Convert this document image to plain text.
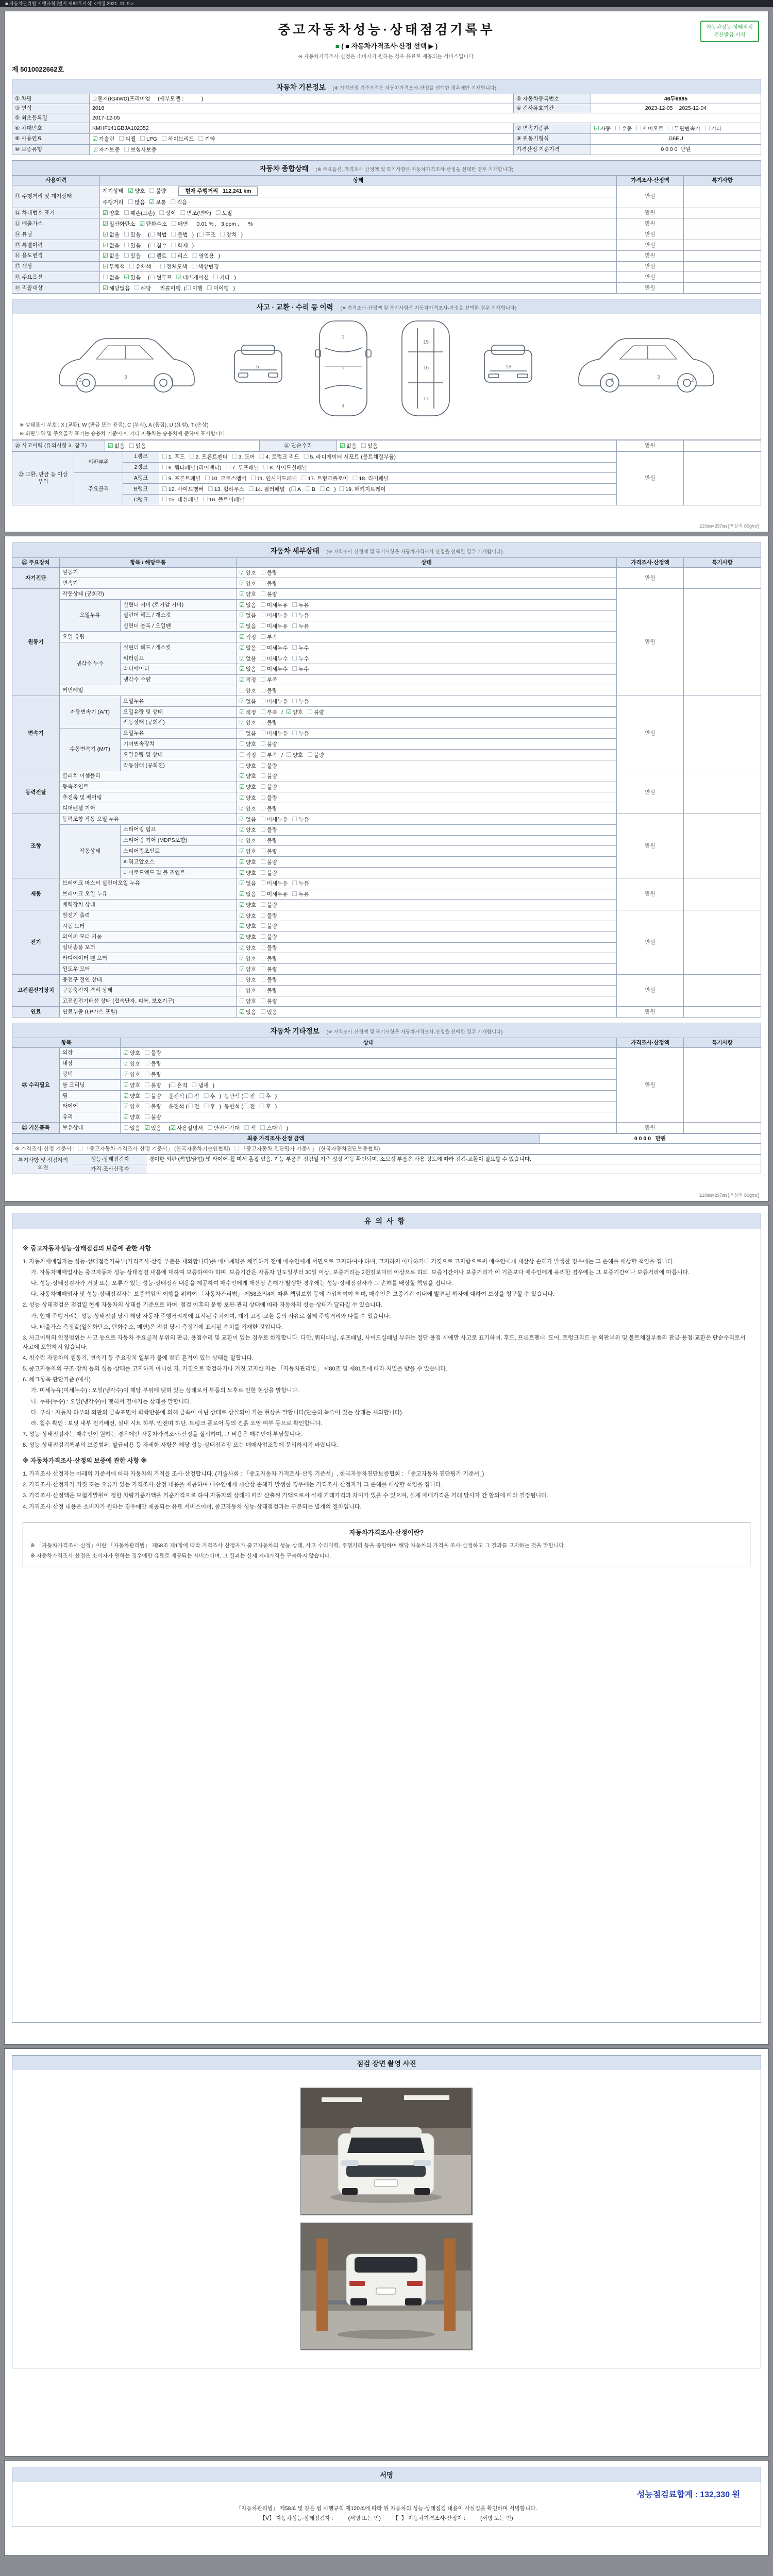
■ 자동차관리법 시행규칙 [별지 제82호서식] <개정 2021. 11. 9.>
중고자동차성능·상태점검기록부
■ ( ■ 자동차가격조사·산정 선택 ▶ )
※ 자동차가격조사·산정은 소비자가 원하는 경우 유료로 제공되는 서비스입니다.
제 5010022662호
자동차성능·상태점검
전산발급 서식
자동차 기본정보 (※ 가격산정 기준가격은 자동차가격조사·산정을 선택한 경우에만 기재합니다)
① 차명	그랜저(IG4WD)프리미엄     (세부모델 :            )	② 자동차등록번호	46두6985
③ 연식	2018	④ 검사유효기간	2023-12-05 ~ 2025-12-04
⑤ 최초등록일	2017-12-05		
⑥ 차대번호	KMHF141GBJA102352	⑦ 변속기종류	☑ 자동 ☐ 수동 ☐ 세미오토 ☐ 무단변속기 ☐ 기타
⑧ 사용연료	☑ 가솔린 ☐ 디젤 ☐ LPG ☐ 하이브리드 ☐ 기타	⑨ 원동기형식	G6EU
⑩ 보증유형	☑ 자가보증 ☐ 보험사보증	가격산정 기준가격	0 0 0 0  만원
자동차 종합상태 (※ 주요옵션, 가격조사·산정액 및 특기사항은 자동차가격조사·산정을 선택한 경우 기재합니다)
사용이력	상태	가격조사·산정액	특기사항
⑪ 주행거리 및 계기상태	계기상태   ☑ 양호 ☐ 불량 현재 주행거리   112,241 km	만원	
	주행거리   ☐ 많음 ☑ 보통 ☐ 적음		
⑫ 차대번호 표기	☑ 양호 ☐ 훼손(오손) ☐ 상이 ☐ 변조(변타) ☐ 도말	만원	
⑬ 배출가스	☑ 일산화탄소 ☑ 탄화수소 ☐ 매연   0.01 % ,   3 ppm ,      %	만원	
⑭ 튜닝	☑ 없음 ☐ 있음  (☐ 적법 ☐ 불법 )  (☐ 구조 ☐ 장치 )	만원	
⑮ 특별이력	☑ 없음 ☐ 있음  (☐ 침수 ☐ 화재 )	만원	
⑯ 용도변경	☑ 없음 ☐ 있음  (☐ 렌트 ☐ 리스 ☐ 영업용 )	만원	
⑰ 색상	☑ 무채색 ☐ 유채색 ☐ 전체도색 ☐ 색상변경	만원	
⑱ 주요옵션	☐ 없음 ☑ 있음  (☐ 썬루프 ☑ 네비게이션 ☐ 기타 )	만원	
⑲ 리콜대상	☑ 해당없음 ☐ 해당   리콜이행  (☐ 이행 ☐ 미이행 )	만원	
사고 · 교환 · 수리 등 이력 (※ 가격조사·산정액 및 특기사항은 자동차가격조사·산정을 선택한 경우 기재합니다)
2
3
6
5
1
7
4
15
16
17
18
6
3
2
※ 상태표시 부호 : X (교환), W (판금 또는 용접), C (부식), A (흠집), U (요철), T (손상)
※ 외판부위 및 주요골격 표기는 승용차 기준이며, 기타 자동차는 승용차에 준하여 표시합니다.
⑳ 사고이력 (유의사항 3. 참고)	☑ 없음 ☐ 있음	㉑ 단순수리	☑ 없음 ☐ 있음	만원	
㉒ 교환, 판금 등 이상 부위	외판부위	1랭크	☐ 1. 후드 ☐ 2. 프론트펜더 ☐ 3. 도어 ☐ 4. 트렁크 리드 ☐ 5. 라디에이터 서포트 (볼트체결부품)	만원	
		2랭크	☐ 6. 쿼터패널 (리어펜더) ☐ 7. 루프패널 ☐ 8. 사이드실패널		
	주요골격	A랭크	☐ 9. 프론트패널 ☐ 10. 크로스멤버 ☐ 11. 인사이드패널 ☐ 17. 트렁크플로어 ☐ 18. 리어패널		
		B랭크	☐ 12. 사이드멤버 ☐ 13. 휠하우스 ☐ 14. 필러패널 (☐ A ☐ B ☐ C )  ☐ 19. 패키지트레이		
		C랭크	☐ 15. 대쉬패널 ☐ 16. 플로어패널		
210㎜×297㎜ [백상지 80g/㎡]
자동차 세부상태 (※ 가격조사·산정액 및 특기사항은 자동차가격조사·산정을 선택한 경우 기재합니다)
㉓ 주요장치	항목 / 해당부품		상태	가격조사·산정액	특기사항
자기진단	원동기		☑ 양호 ☐ 불량	만원	
	변속기		☑ 양호 ☐ 불량		
원동기	작동상태 (공회전)		☑ 양호 ☐ 불량	만원	
	오일누유	실린더 커버 (로커암 커버)	☑ 없음 ☐ 미세누유 ☐ 누유		
		실린더 헤드 / 개스킷	☑ 없음 ☐ 미세누유 ☐ 누유		
		실린더 블록 / 오일팬	☑ 없음 ☐ 미세누유 ☐ 누유		
	오일 유량		☑ 적정 ☐ 부족		
	냉각수 누수	실린더 헤드 / 개스킷	☑ 없음 ☐ 미세누수 ☐ 누수		
		워터펌프	☑ 없음 ☐ 미세누수 ☐ 누수		
		라디에이터	☑ 없음 ☐ 미세누수 ☐ 누수		
		냉각수 수량	☑ 적정 ☐ 부족		
	커먼레일		☐ 양호 ☐ 불량		
변속기	자동변속기 (A/T)	오일누유	☑ 없음 ☐ 미세누유 ☐ 누유	만원	
		오일유량 및 상태	☑ 적정 ☐ 부족 /  ☑ 양호 ☐ 불량		
		작동상태 (공회전)	☑ 양호 ☐ 불량		
	수동변속기 (M/T)	오일누유	☐ 없음 ☐ 미세누유 ☐ 누유		
		기어변속장치	☐ 양호 ☐ 불량		
		오일유량 및 상태	☐ 적정 ☐ 부족 /  ☐ 양호 ☐ 불량		
		작동상태 (공회전)	☐ 양호 ☐ 불량		
동력전달	클러치 어셈블리		☑ 양호 ☐ 불량	만원	
	등속조인트		☑ 양호 ☐ 불량		
	추진축 및 베어링		☑ 양호 ☐ 불량		
	디퍼렌셜 기어		☑ 양호 ☐ 불량		
조향	동력조향 작동 오일 누유		☑ 없음 ☐ 미세누유 ☐ 누유	만원	
	작동상태	스티어링 펌프	☑ 양호 ☐ 불량		
		스티어링 기어 (MDPS포함)	☑ 양호 ☐ 불량		
		스티어링조인트	☑ 양호 ☐ 불량		
		파워고압호스	☑ 양호 ☐ 불량		
		타이로드엔드 및 볼 조인트	☑ 양호 ☐ 불량		
제동	브레이크 마스터 실린더오일 누유		☑ 없음 ☐ 미세누유 ☐ 누유	만원	
	브레이크 오일 누유		☑ 없음 ☐ 미세누유 ☐ 누유		
	배력장치 상태		☑ 양호 ☐ 불량		
전기	발전기 출력		☑ 양호 ☐ 불량	만원	
	시동 모터		☑ 양호 ☐ 불량		
	와이퍼 모터 기능		☑ 양호 ☐ 불량		
	실내송풍 모터		☑ 양호 ☐ 불량		
	라디에이터 팬 모터		☑ 양호 ☐ 불량		
	윈도우 모터		☑ 양호 ☐ 불량		
고전원전기장치	충전구 절연 상태		☐ 양호 ☐ 불량	만원	
	구동축전지 격리 상태		☐ 양호 ☐ 불량		
	고전원전기배선 상태 (접속단자, 피복, 보호기구)		☐ 양호 ☐ 불량		
연료	연료누출 (LP가스 포함)		☑ 없음 ☐ 있음	만원	
자동차 기타정보 (※ 가격조사·산정액 및 특기사항은 자동차가격조사·산정을 선택한 경우 기재합니다)
항목		상태	가격조사·산정액	특기사항
㉔ 수리필요	외장	☑ 양호 ☐ 불량	만원	
	내장	☑ 양호 ☐ 불량		
	광택	☑ 양호 ☐ 불량		
	룸 크리닝	☑ 양호 ☐ 불량  (☐ 흔적 ☐ 냄새 )		
	휠	☑ 양호 ☐ 불량  운전석 (☐ 전 ☐ 후 )  동반석 (☐ 전 ☐ 후 )		
	타이어	☑ 양호 ☐ 불량  운전석 (☐ 전 ☐ 후 )  동반석 (☐ 전 ☐ 후 )		
	유리	☑ 양호 ☐ 불량		
㉕ 기본품목	보유상태	☐ 없음 ☑ 있음  (☑ 사용설명서 ☐ 안전삼각대 ☐ 잭 ☐ 스패너 )	만원	
최종 가격조사·산정 금액	0 0 0 0   만원
※ 가격조사·산정 기준서 :  ☐ 「중고자동차 가격조사·산정 기준서」 (한국자동차기술인협회) ☐ 「중고자동차 진단평가 기준서」 (한국자동차진단보증협회)
특기사항 및 점검자의 의견	성능·상태점검자	경미한 외판 (찍힘/긁힘) 및 타이어·휠 미세 흠집 있음. 기능 부품은 점검일 기준 정상 작동 확인되며, 소모성 부품은 사용 정도에 따라 점검·교환이 필요할 수 있습니다.
	가격·조사산정자	
210㎜×297㎜ [백상지 80g/㎡]
유의사항
※ 중고자동차성능·상태점검의 보증에 관한 사항
1. 자동차매매업자는 성능·상태점검기록부(가격조사·산정 부분은 제외합니다)를 매매계약을 체결하기 전에 매수인에게 서면으로 고지하여야 하며, 고지하지 아니하거나 거짓으로 고지함으로써 매수인에게 재산상 손해가 발생한 경우에는 그 손해를 배상할 책임을 집니다.
가. 자동차매매업자는 중고자동차 성능·상태점검 내용에 대하여 보증하여야 하며, 보증기간은 자동차 인도일부터 30일 이상, 보증거리는 2천킬로미터 이상으로 하되, 보증기간이나 보증거리가 이 기준보다 매수인에게 유리한 경우에는 그 보증기간이나 보증거리에 따릅니다.
나. 성능·상태점검자가 거짓 또는 오류가 있는 성능·상태점검 내용을 제공하여 매수인에게 재산상 손해가 발생한 경우에는 성능·상태점검자가 그 손해를 배상할 책임을 집니다.
다. 자동차매매업자 및 성능·상태점검자는 보증책임의 이행을 위하여 「자동차관리법」 제58조의4에 따른 책임보험 등에 가입하여야 하며, 매수인은 보증기간 이내에 발견된 하자에 대하여 보상을 청구할 수 있습니다.
2. 성능·상태점검은 점검일 현재 자동차의 상태를 기준으로 하며, 점검 이후의 운행·보관·관리 상태에 따라 자동차의 성능·상태가 달라질 수 있습니다.
가. 현재 주행거리는 성능·상태점검 당시 해당 자동차 주행거리계에 표시된 수치이며, 계기 고장·교환 등의 사유로 실제 주행거리와 다를 수 있습니다.
나. 배출가스 측정값(일산화탄소, 탄화수소, 매연)은 점검 당시 측정기에 표시된 수치를 기재한 것입니다.
3. 사고이력의 인정범위는 사고 등으로 자동차 주요골격 부위의 판금, 용접수리 및 교환이 있는 경우로 한정합니다. 다만, 쿼터패널, 루프패널, 사이드실패널 부위는 절단·용접 시에만 사고로 표기하며, 후드, 프론트펜더, 도어, 트렁크리드 등 외판부위 및 볼트체결부품의 판금·용접·교환은 단순수리로서 사고에 포함하지 않습니다.
4. 침수란 자동차의 원동기, 변속기 등 주요장치 일부가 물에 잠긴 흔적이 있는 상태를 말합니다.
5. 중고자동차의 구조·장치 등의 성능·상태를 고지하지 아니한 자, 거짓으로 점검하거나 거짓 고지한 자는 「자동차관리법」 제80조 및 제81조에 따라 처벌을 받을 수 있습니다.
6. 체크항목 판단기준 (예시)
가. 미세누유(미세누수) : 오일(냉각수)이 해당 부위에 맺혀 있는 상태로서 부품의 노후로 인한 현상을 말합니다.
나. 누유(누수) : 오일(냉각수)이 맺혀서 떨어지는 상태를 말합니다.
다. 부식 : 자동차 하부와 외판의 금속표면이 화학반응에 의해 금속이 아닌 상태로 상실되어 가는 현상을 말합니다(단순히 녹슬어 있는 상태는 제외합니다).
라. 침수 확인 : 보닛 내부 전기배선, 실내 시트 하부, 안전띠 하단, 트렁크 플로어 등의 진흙 오염 여부 등으로 확인합니다.
7. 성능·상태점검자는 매수인이 원하는 경우에만 자동차가격조사·산정을 실시하며, 그 비용은 매수인이 부담합니다.
8. 성능·상태점검기록부의 보증범위, 발급비용 등 자세한 사항은 해당 성능·상태점검장 또는 매매사업조합에 문의하시기 바랍니다.
※ 자동차가격조사·산정의 보증에 관한 사항 ※
1. 가격조사·산정자는 아래의 기준서에 따라 자동차의 가격을 조사·산정합니다. (기술사회 : 「중고자동차 가격조사·산정 기준서」, 한국자동차진단보증협회 : 「중고자동차 진단평가 기준서」)
2. 가격조사·산정자가 거짓 또는 오류가 있는 가격조사·산정 내용을 제공하여 매수인에게 재산상 손해가 발생한 경우에는 가격조사·산정자가 그 손해를 배상할 책임을 집니다.
3. 가격조사·산정액은 보험개발원이 정한 차량기준가액을 기준가격으로 하여 자동차의 상태에 따라 산출된 가액으로서 실제 거래가격과 차이가 있을 수 있으며, 실제 매매가격은 거래 당사자 간 합의에 따라 결정됩니다.
4. 가격조사·산정 내용은 소비자가 원하는 경우에만 제공되는 유료 서비스이며, 중고자동차 성능·상태점검과는 구분되는 별개의 절차입니다.
자동차가격조사·산정이란?
※ 「자동차가격조사·산정」이란 「자동차관리법」 제58조 제1항에 따라 가격조사·산정자가 중고자동차의 성능·상태, 사고·수리이력, 주행거리 등을 종합하여 해당 자동차의 가격을 조사·산정하고 그 결과를 고지하는 것을 말합니다.
※ 자동차가격조사·산정은 소비자가 원하는 경우에만 유료로 제공되는 서비스이며, 그 결과는 실제 거래가격을 구속하지 않습니다.
점검 장면 촬영 사진
서명
성능점검료합계 : 132,330 원
「자동차관리법」 제58조 및 같은 법 시행규칙 제120조에 따라 위 자동차의 성능·상태점검 내용이 사실임을 확인하며 서명합니다.
【Ⅴ】 자동차성능·상태점검자 :          (서명 또는 인)        【  】 자동차가격조사·산정자 :          (서명 또는 인)
